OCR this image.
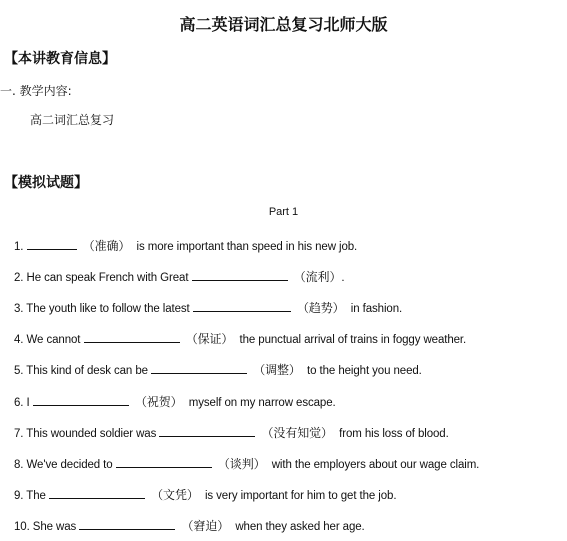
高二英语词汇总复习北师大版
【本讲教育信息】
一. 教学内容:
高二词汇总复习
【模拟试题】
Part 1
1.	（准确） is more important than speed in his new job.
2. He can speak French with Great	（流利）.
3. The youth like to follow the latest	（趋势） in fashion.
4. We cannot	（保证） the punctual arrival of trains in foggy weather.
5. This kind of desk can be	（调整） to the height you need.
6. I	（祝贺） myself on my narrow escape.
7. This wounded soldier was	（没有知觉） from his loss of blood.
8. We've decided to	（谈判） with the employers about our wage claim.
9. The	（文凭） is very important for him to get the job.
10. She was	（窘迫） when they asked her age.
